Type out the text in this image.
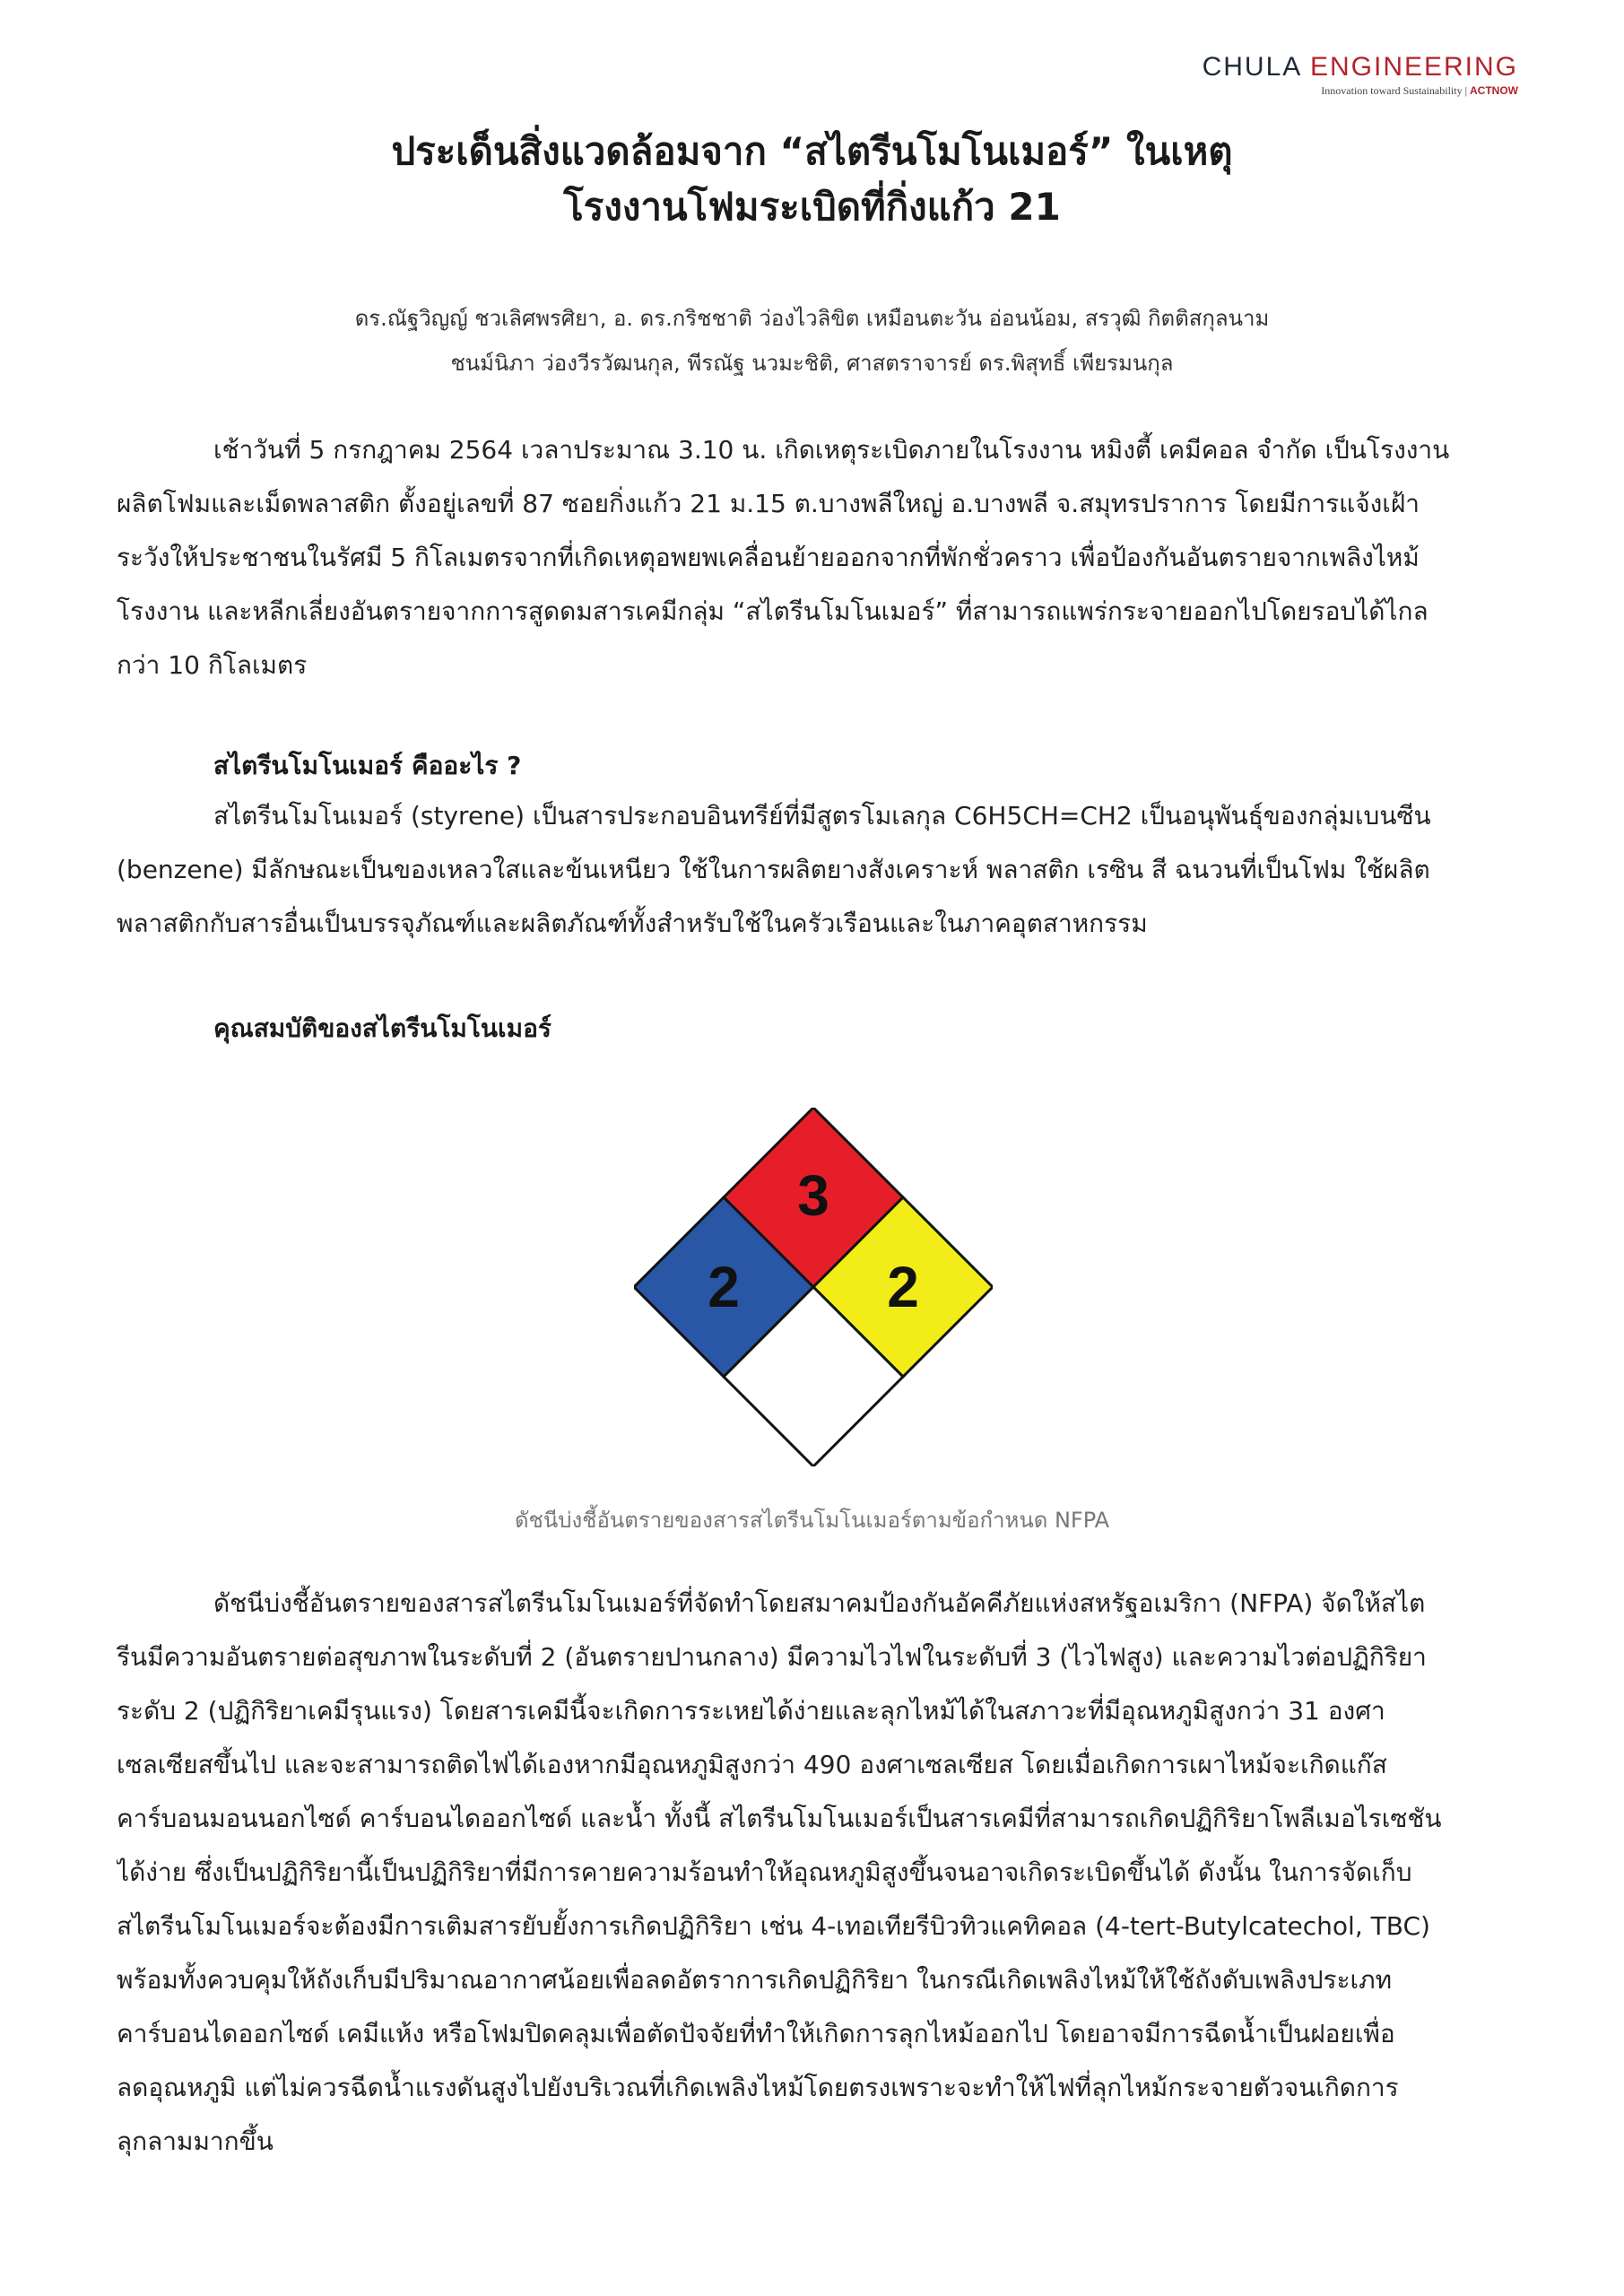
CHULA ENGINEERING
Innovation toward Sustainability | ACTNOW
ประเด็นสิ่งแวดล้อมจาก “สไตรีนโมโนเมอร์” ในเหตุ
โรงงานโฟมระเบิดที่กิ่งแก้ว 21
ดร.ณัฐวิญญ์ ชวเลิศพรศิยา, อ. ดร.กริชชาติ ว่องไวลิขิต เหมือนตะวัน อ่อนน้อม, สรวุฒิ กิตติสกุลนาม
ชนม์นิภา ว่องวีรวัฒนกุล, พีรณัฐ นวมะชิติ, ศาสตราจารย์ ดร.พิสุทธิ์ เพียรมนกุล
เช้าวันที่ 5 กรกฎาคม 2564 เวลาประมาณ 3.10 น. เกิดเหตุระเบิดภายในโรงงาน หมิงตี้ เคมีคอล จำกัด เป็นโรงงาน
ผลิตโฟมและเม็ดพลาสติก ตั้งอยู่เลขที่ 87 ซอยกิ่งแก้ว 21 ม.15 ต.บางพลีใหญ่ อ.บางพลี จ.สมุทรปราการ โดยมีการแจ้งเฝ้า
ระวังให้ประชาชนในรัศมี 5 กิโลเมตรจากที่เกิดเหตุอพยพเคลื่อนย้ายออกจากที่พักชั่วคราว เพื่อป้องกันอันตรายจากเพลิงไหม้
โรงงาน และหลีกเลี่ยงอันตรายจากการสูดดมสารเคมีกลุ่ม “สไตรีนโมโนเมอร์” ที่สามารถแพร่กระจายออกไปโดยรอบได้ไกล
กว่า 10 กิโลเมตร
สไตรีนโมโนเมอร์ คืออะไร ?
สไตรีนโมโนเมอร์ (styrene) เป็นสารประกอบอินทรีย์ที่มีสูตรโมเลกุล C6H5CH=CH2 เป็นอนุพันธุ์ของกลุ่มเบนซีน
(benzene) มีลักษณะเป็นของเหลวใสและข้นเหนียว ใช้ในการผลิตยางสังเคราะห์ พลาสติก เรซิน สี ฉนวนที่เป็นโฟม ใช้ผลิต
พลาสติกกับสารอื่นเป็นบรรจุภัณฑ์และผลิตภัณฑ์ทั้งสำหรับใช้ในครัวเรือนและในภาคอุตสาหกรรม
คุณสมบัติของสไตรีนโมโนเมอร์
3
2	2
ดัชนีบ่งชี้อันตรายของสารสไตรีนโมโนเมอร์ตามข้อกำหนด NFPA
ดัชนีบ่งชี้อันตรายของสารสไตรีนโมโนเมอร์ที่จัดทำโดยสมาคมป้องกันอัคคีภัยแห่งสหรัฐอเมริกา (NFPA) จัดให้สไต
รีนมีความอันตรายต่อสุขภาพในระดับที่ 2 (อันตรายปานกลาง) มีความไวไฟในระดับที่ 3 (ไวไฟสูง) และความไวต่อปฏิกิริยา
ระดับ 2 (ปฏิกิริยาเคมีรุนแรง) โดยสารเคมีนี้จะเกิดการระเหยได้ง่ายและลุกไหม้ได้ในสภาวะที่มีอุณหภูมิสูงกว่า 31 องศา
เซลเซียสขึ้นไป และจะสามารถติดไฟได้เองหากมีอุณหภูมิสูงกว่า 490 องศาเซลเซียส โดยเมื่อเกิดการเผาไหม้จะเกิดแก๊ส
คาร์บอนมอนนอกไซด์ คาร์บอนไดออกไซด์ และน้ำ ทั้งนี้ สไตรีนโมโนเมอร์เป็นสารเคมีที่สามารถเกิดปฏิกิริยาโพลีเมอไรเซชัน
ได้ง่าย ซึ่งเป็นปฏิกิริยานี้เป็นปฏิกิริยาที่มีการคายความร้อนทำให้อุณหภูมิสูงขึ้นจนอาจเกิดระเบิดขึ้นได้ ดังนั้น ในการจัดเก็บ
สไตรีนโมโนเมอร์จะต้องมีการเติมสารยับยั้งการเกิดปฏิกิริยา เช่น 4-เทอเทียรีบิวทิวแคทิคอล (4-tert-Butylcatechol, TBC)
พร้อมทั้งควบคุมให้ถังเก็บมีปริมาณอากาศน้อยเพื่อลดอัตราการเกิดปฏิกิริยา ในกรณีเกิดเพลิงไหม้ให้ใช้ถังดับเพลิงประเภท
คาร์บอนไดออกไซด์ เคมีแห้ง หรือโฟมปิดคลุมเพื่อตัดปัจจัยที่ทำให้เกิดการลุกไหม้ออกไป โดยอาจมีการฉีดน้ำเป็นฝอยเพื่อ
ลดอุณหภูมิ แต่ไม่ควรฉีดน้ำแรงดันสูงไปยังบริเวณที่เกิดเพลิงไหม้โดยตรงเพราะจะทำให้ไฟที่ลุกไหม้กระจายตัวจนเกิดการ
ลุกลามมากขึ้น
